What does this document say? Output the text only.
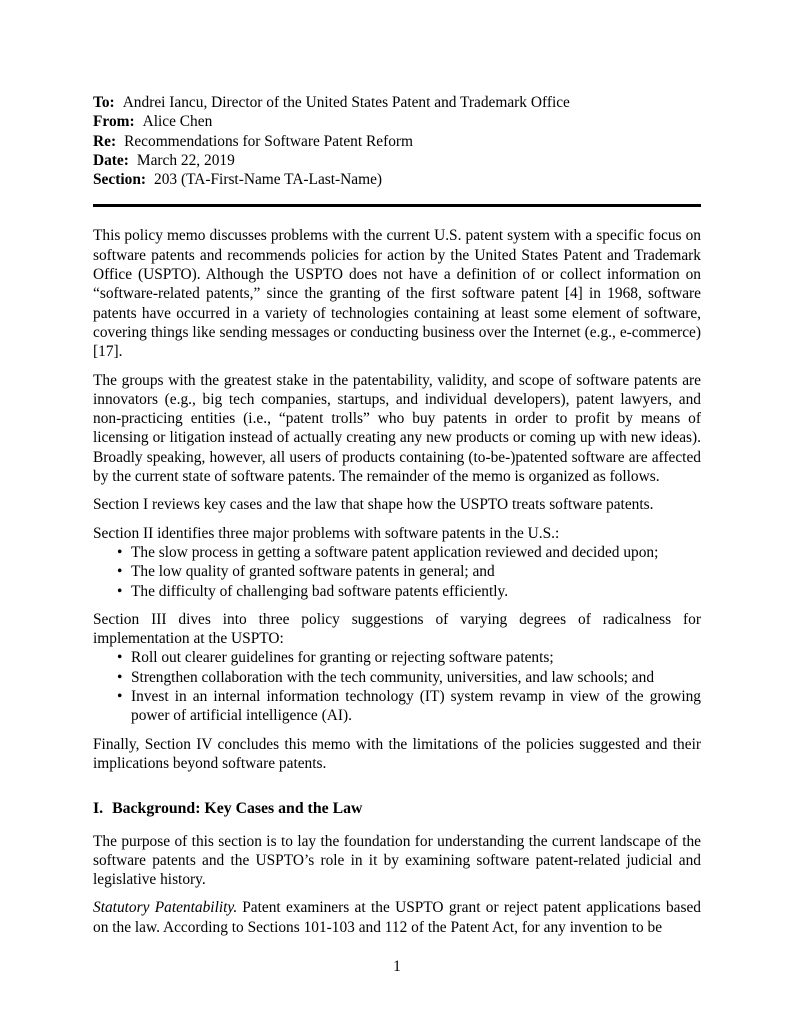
To: Andrei Iancu, Director of the United States Patent and Trademark Office
From: Alice Chen
Re: Recommendations for Software Patent Reform
Date: March 22, 2019
Section: 203 (TA-First-Name TA-Last-Name)

This policy memo discusses problems with the current U.S. patent system with a specific focus on software patents and recommends policies for action by the United States Patent and Trademark Office (USPTO). Although the USPTO does not have a definition of or collect information on “software-related patents,” since the granting of the first software patent [4] in 1968, software patents have occurred in a variety of technologies containing at least some element of software, covering things like sending messages or conducting business over the Internet (e.g., e-commerce) [17].

The groups with the greatest stake in the patentability, validity, and scope of software patents are innovators (e.g., big tech companies, startups, and individual developers), patent lawyers, and non-practicing entities (i.e., “patent trolls” who buy patents in order to profit by means of licensing or litigation instead of actually creating any new products or coming up with new ideas). Broadly speaking, however, all users of products containing (to-be-)patented software are affected by the current state of software patents. The remainder of the memo is organized as follows.

Section I reviews key cases and the law that shape how the USPTO treats software patents.

Section II identifies three major problems with software patents in the U.S.:

• The slow process in getting a software patent application reviewed and decided upon;
• The low quality of granted software patents in general; and
• The difficulty of challenging bad software patents efficiently.

Section III dives into three policy suggestions of varying degrees of radicalness for implementation at the USPTO:

• Roll out clearer guidelines for granting or rejecting software patents;
• Strengthen collaboration with the tech community, universities, and law schools; and
• Invest in an internal information technology (IT) system revamp in view of the growing power of artificial intelligence (AI).

Finally, Section IV concludes this memo with the limitations of the policies suggested and their implications beyond software patents.

I. Background: Key Cases and the Law

The purpose of this section is to lay the foundation for understanding the current landscape of the software patents and the USPTO’s role in it by examining software patent-related judicial and legislative history.

Statutory Patentability. Patent examiners at the USPTO grant or reject patent applications based on the law. According to Sections 101-103 and 112 of the Patent Act, for any invention to be

1
